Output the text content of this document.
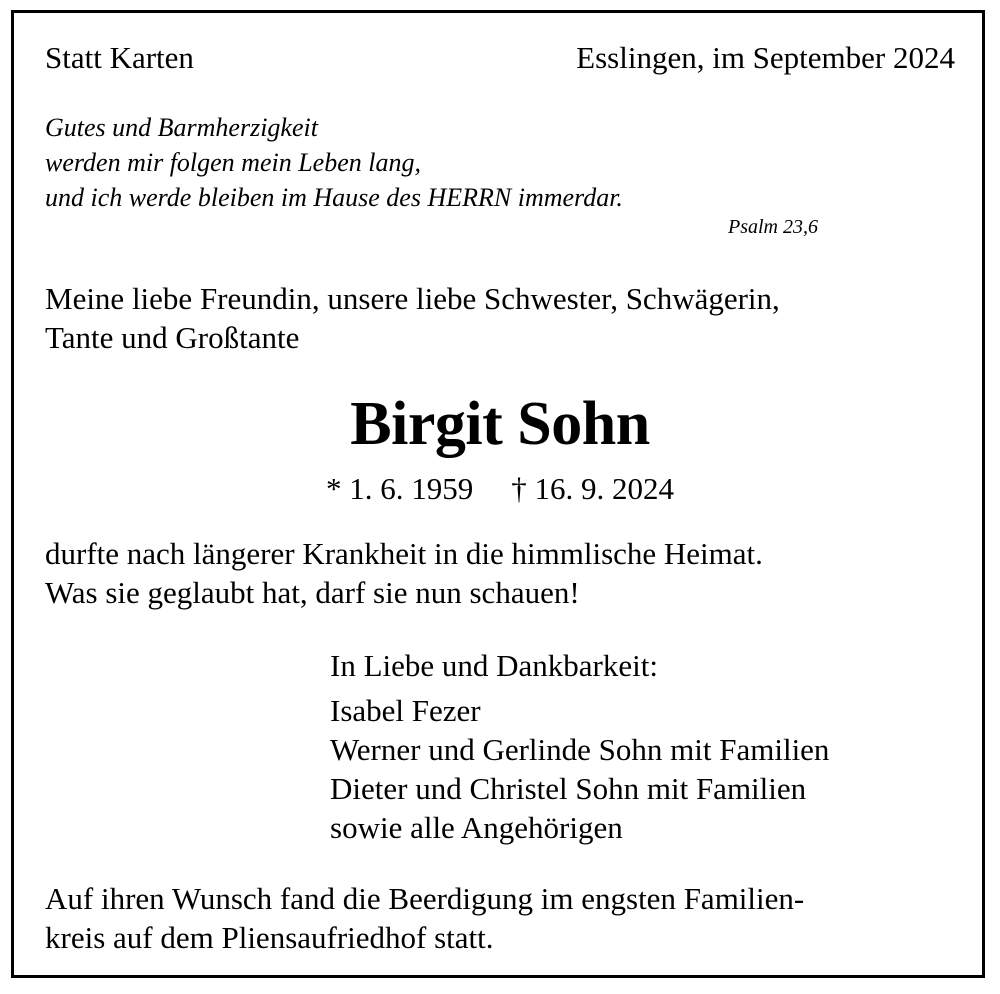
Statt Karten	Esslingen, im September 2024
Gutes und Barmherzigkeit
werden mir folgen mein Leben lang,
und ich werde bleiben im Hause des HERRN immerdar.
Psalm 23,6
Meine liebe Freundin, unsere liebe Schwester, Schwägerin,
Tante und Großtante
Birgit Sohn
* 1. 6. 1959 † 16. 9. 2024
durfte nach längerer Krankheit in die himmlische Heimat.
Was sie geglaubt hat, darf sie nun schauen!
In Liebe und Dankbarkeit:
Isabel Fezer
Werner und Gerlinde Sohn mit Familien
Dieter und Christel Sohn mit Familien
sowie alle Angehörigen
Auf ihren Wunsch fand die Beerdigung im engsten Familien-
kreis auf dem Pliensaufriedhof statt.
